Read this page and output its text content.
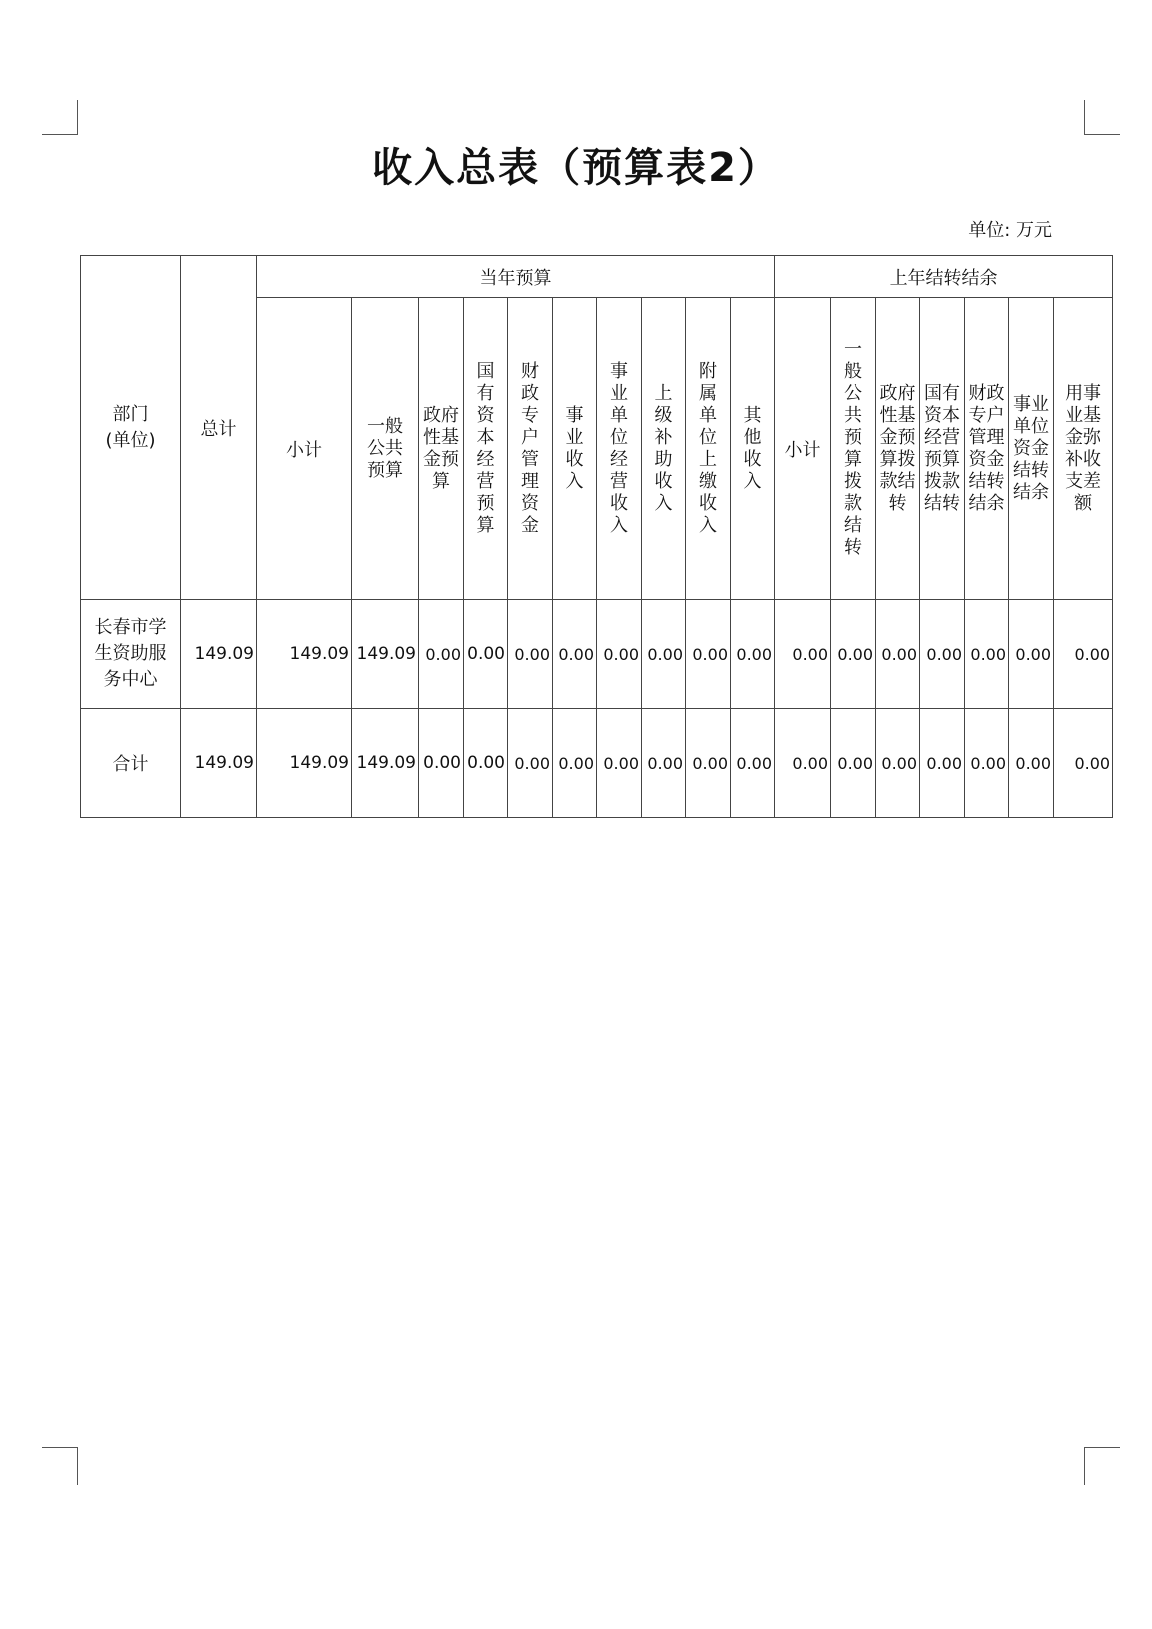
收入总表（预算表2）
单位: 万元
部门
(单位)	总计	当年预算										上年结转结余						
		小计	一般公共预算	政府性基金预算	国有资本经营预算	财政专户管理资金	事业收入	事业单位经营收入	上级补助收入	附属单位上缴收入	其他收入	小计	一般公共预算拨款结转	政府性基金预算拨款结转	国有资本经营预算拨款结转	财政专户管理资金结转结余	事业单位资金结转结余	用事业基金弥补收支差额
长春市学生资助服务中心	149.09	149.09	149.09	0.00	0.00	0.00	0.00	0.00	0.00	0.00	0.00	0.00	0.00	0.00	0.00	0.00	0.00	0.00
合计	149.09	149.09	149.09	0.00	0.00	0.00	0.00	0.00	0.00	0.00	0.00	0.00	0.00	0.00	0.00	0.00	0.00	0.00
